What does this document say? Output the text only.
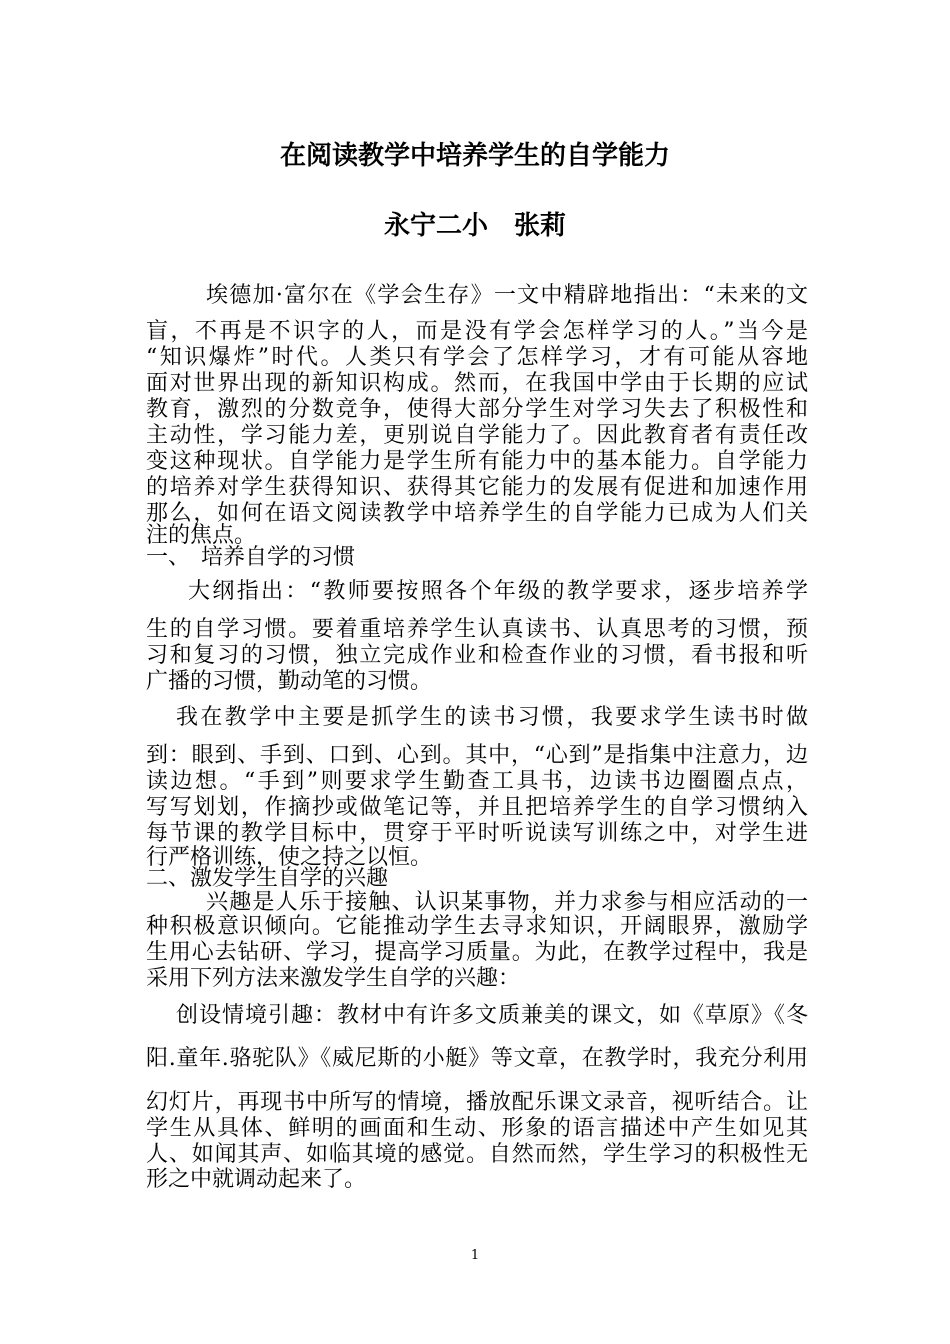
在阅读教学中培养学生的自学能力
永宁二小　张莉
埃德加·富尔在《学会生存》一文中精辟地指出：“未来的文
盲，不再是不识字的人，而是没有学会怎样学习的人。”当今是
“知识爆炸”时代。人类只有学会了怎样学习，才有可能从容地
面对世界出现的新知识构成。然而，在我国中学由于长期的应试
教育，激烈的分数竞争，使得大部分学生对学习失去了积极性和
主动性，学习能力差，更别说自学能力了。因此教育者有责任改
变这种现状。自学能力是学生所有能力中的基本能力。自学能力
的培养对学生获得知识、获得其它能力的发展有促进和加速作用
那么，如何在语文阅读教学中培养学生的自学能力已成为人们关
注的焦点。
一、　培养自学的习惯
大纲指出：“教师要按照各个年级的教学要求，逐步培养学
生的自学习惯。要着重培养学生认真读书、认真思考的习惯，预
习和复习的习惯，独立完成作业和检查作业的习惯，看书报和听
广播的习惯，勤动笔的习惯。
我在教学中主要是抓学生的读书习惯，我要求学生读书时做
到：眼到、手到、口到、心到。其中，“心到”是指集中注意力，边
读边想。“手到”则要求学生勤查工具书，边读书边圈圈点点，
写写划划，作摘抄或做笔记等，并且把培养学生的自学习惯纳入
每节课的教学目标中，贯穿于平时听说读写训练之中，对学生进
行严格训练，使之持之以恒。
二、激发学生自学的兴趣
兴趣是人乐于接触、认识某事物，并力求参与相应活动的一
种积极意识倾向。它能推动学生去寻求知识，开阔眼界，激励学
生用心去钻研、学习，提高学习质量。为此，在教学过程中，我是
采用下列方法来激发学生自学的兴趣：
创设情境引趣：教材中有许多文质兼美的课文，如《草原》《冬
阳.童年.骆驼队》《威尼斯的小艇》等文章，在教学时，我充分利用
幻灯片，再现书中所写的情境，播放配乐课文录音，视听结合。让
学生从具体、鲜明的画面和生动、形象的语言描述中产生如见其
人、如闻其声、如临其境的感觉。自然而然，学生学习的积极性无
形之中就调动起来了。
1
